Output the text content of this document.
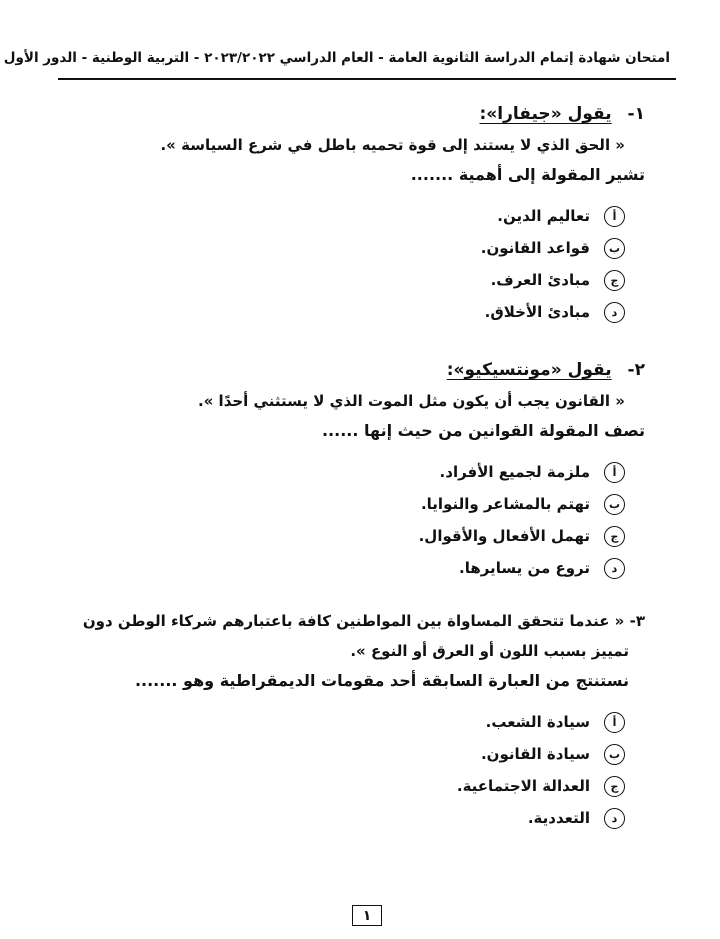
امتحان شهادة إتمام الدراسة الثانوية العامة - العام الدراسي ٢٠٢٣/٢٠٢٢ - التربية الوطنية - الدور الأول
١- يقول «جيفارا»:
« الحق الذي لا يستند إلى قوة تحميه باطل في شرع السياسة ».
تشير المقولة إلى أهمية .......
أ
تعاليم الدين.
ب
قواعد القانون.
ج
مبادئ العرف.
د
مبادئ الأخلاق.
٢- يقول «مونتسيكيو»:
« القانون يجب أن يكون مثل الموت الذي لا يستثني أحدًا ».
تصف المقولة القوانين من حيث إنها ......
أ
ملزمة لجميع الأفراد.
ب
تهتم بالمشاعر والنوايا.
ج
تهمل الأفعال والأقوال.
د
تروع من يسايرها.
٣- « عندما تتحقق المساواة بين المواطنين كافة باعتبارهم شركاء الوطن دون
تمييز بسبب اللون أو العرق أو النوع ».
نستنتج من العبارة السابقة أحد مقومات الديمقراطية وهو .......
أ
سيادة الشعب.
ب
سيادة القانون.
ج
العدالة الاجتماعية.
د
التعددية.
١
